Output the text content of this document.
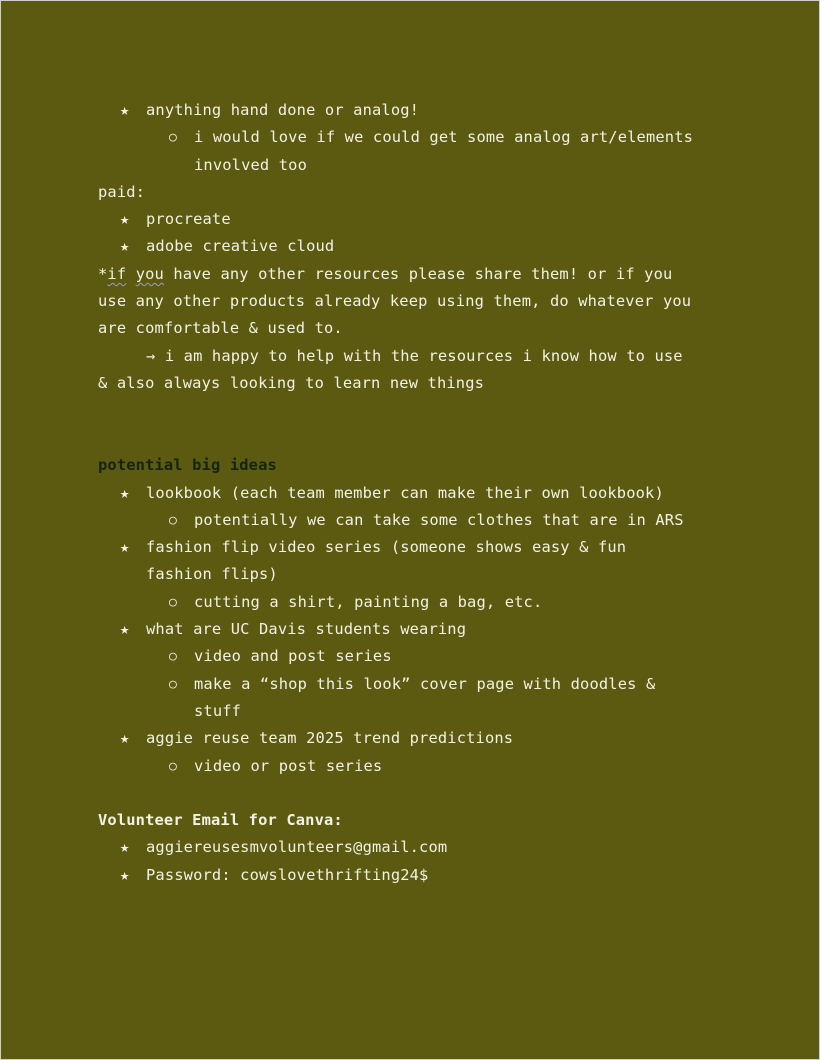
★ anything hand done or analog!
○ i would love if we could get some analog art/elements
involved too
paid:
★ procreate
★ adobe creative cloud
*if you have any other resources please share them! or if you
use any other products already keep using them, do whatever you
are comfortable & used to.
→ i am happy to help with the resources i know how to use
& also always looking to learn new things
potential big ideas
★ lookbook (each team member can make their own lookbook)
○ potentially we can take some clothes that are in ARS
★ fashion flip video series (someone shows easy & fun
fashion flips)
○ cutting a shirt, painting a bag, etc.
★ what are UC Davis students wearing
○ video and post series
○ make a “shop this look” cover page with doodles &
stuff
★ aggie reuse team 2025 trend predictions
○ video or post series
Volunteer Email for Canva:
★ aggiereusesmvolunteers@gmail.com
★ Password: cowslovethrifting24$
